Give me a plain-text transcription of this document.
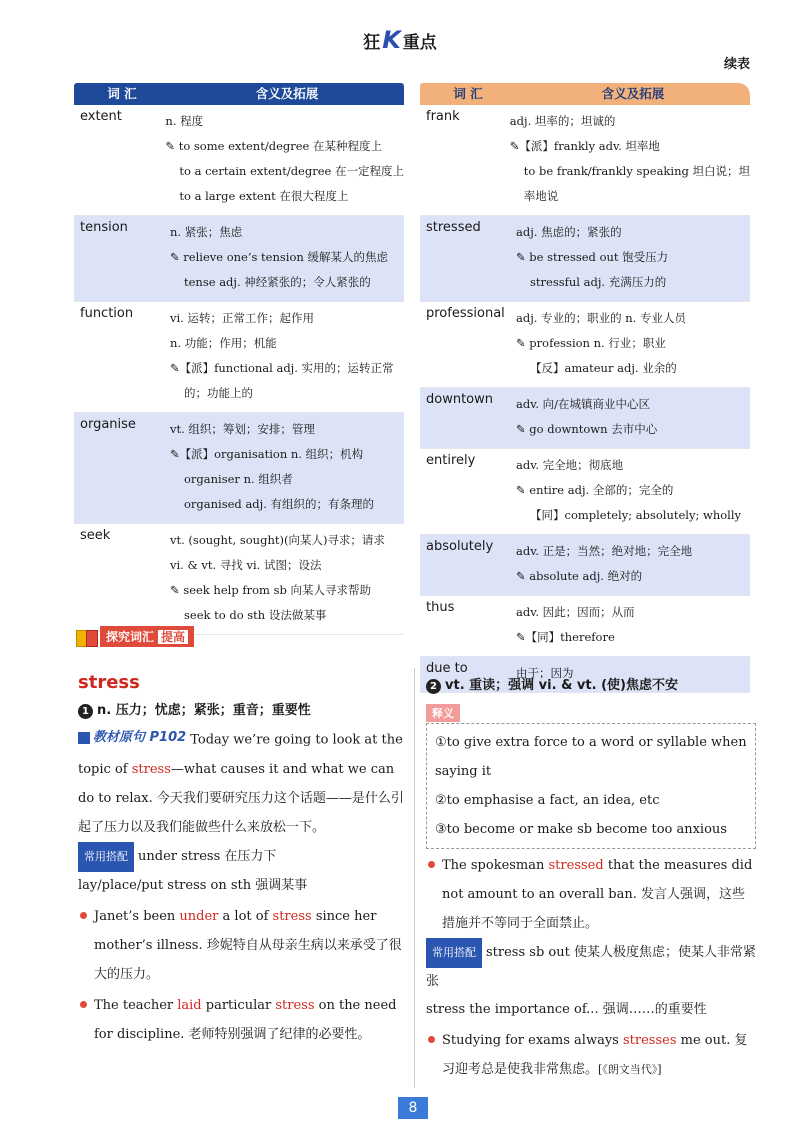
狂K 重点
续表
词 汇	含义及拓展
extent	n. 程度
✎ to some extent/degree 在某种程度上
to a certain extent/degree 在一定程度上
to a large extent 在很大程度上
tension	n. 紧张；焦虑
✎ relieve one’s tension 缓解某人的焦虑
tense adj. 神经紧张的；令人紧张的
function	vi. 运转；正常工作；起作用
n. 功能；作用；机能
✎【派】functional adj. 实用的；运转正常
的；功能上的
organise	vt. 组织；筹划；安排；管理
✎【派】organisation n. 组织；机构
organiser n. 组织者
organised adj. 有组织的；有条理的
seek	vt. (sought, sought)(向某人)寻求；请求
vi. & vt. 寻找 vi. 试图；设法
✎ seek help from sb 向某人寻求帮助
seek to do sth 设法做某事
词 汇	含义及拓展
frank	adj. 坦率的；坦诚的
✎【派】frankly adv. 坦率地
to be frank/frankly speaking 坦白说；坦
率地说
stressed	adj. 焦虑的；紧张的
✎ be stressed out 饱受压力
stressful adj. 充满压力的
professional adj. 专业的；职业的 n. 专业人员
✎ profession n. 行业；职业
【反】amateur adj. 业余的
downtown	adv. 向/在城镇商业中心区
✎ go downtown 去市中心
entirely	adv. 完全地；彻底地
✎ entire adj. 全部的；完全的
【同】completely; absolutely; wholly
absolutely	adv. 正是；当然；绝对地；完全地
✎ absolute adj. 绝对的
thus	adv. 因此；因而；从而
✎【同】therefore
due to	由于；因为
探究词汇 提高
stress
1 n. 压力；忧虑；紧张；重音；重要性
教材原句 P102 Today we’re going to look at the topic of stress—what causes it and what we can do to relax. 今天我们要研究压力这个话题——是什么引起了压力以及我们能做些什么来放松一下。
常用搭配 under stress 在压力下
lay/place/put stress on sth 强调某事
Janet’s been under a lot of stress since her mother’s illness. 珍妮特自从母亲生病以来承受了很大的压力。
The teacher laid particular stress on the need for discipline. 老师特别强调了纪律的必要性。
2 vt. 重读；强调 vi. & vt. (使)焦虑不安
释义
①to give extra force to a word or syllable when saying it
②to emphasise a fact, an idea, etc
③to become or make sb become too anxious
The spokesman stressed that the measures did not amount to an overall ban. 发言人强调，这些措施并不等同于全面禁止。
常用搭配 stress sb out 使某人极度焦虑；使某人非常紧张
stress the importance of... 强调……的重要性
Studying for exams always stresses me out. 复习迎考总是使我非常焦虑。[《朗文当代》]
8
